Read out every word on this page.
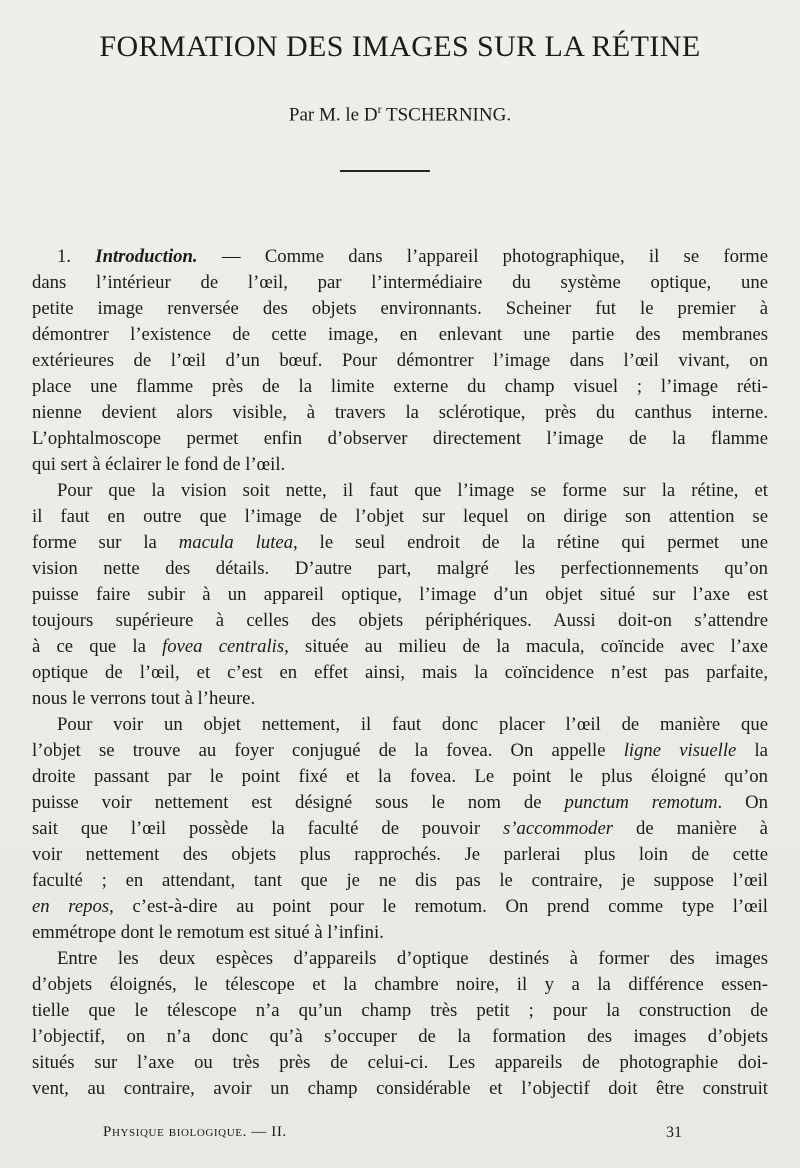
FORMATION DES IMAGES SUR LA RÉTINE
Par M. le $D^r$ TSCHERNING.
1. Introduction. — Comme dans l’appareil photographique, il se forme
dans l’intérieur de l’œil, par l’intermédiaire du système optique, une
petite image renversée des objets environnants. Scheiner fut le premier à
démontrer l’existence de cette image, en enlevant une partie des membranes
extérieures de l’œil d’un bœuf. Pour démontrer l’image dans l’œil vivant, on
place une flamme près de la limite externe du champ visuel ; l’image réti-
nienne devient alors visible, à travers la sclérotique, près du canthus interne.
L’ophtalmoscope permet enfin d’observer directement l’image de la flamme
qui sert à éclairer le fond de l’œil.
Pour que la vision soit nette, il faut que l’image se forme sur la rétine, et
il faut en outre que l’image de l’objet sur lequel on dirige son attention se
forme sur la macula lutea, le seul endroit de la rétine qui permet une
vision nette des détails. D’autre part, malgré les perfectionnements qu’on
puisse faire subir à un appareil optique, l’image d’un objet situé sur l’axe est
toujours supérieure à celles des objets périphériques. Aussi doit-on s’attendre
à ce que la fovea centralis, située au milieu de la macula, coïncide avec l’axe
optique de l’œil, et c’est en effet ainsi, mais la coïncidence n’est pas parfaite,
nous le verrons tout à l’heure.
Pour voir un objet nettement, il faut donc placer l’œil de manière que
l’objet se trouve au foyer conjugué de la fovea. On appelle ligne visuelle la
droite passant par le point fixé et la fovea. Le point le plus éloigné qu’on
puisse voir nettement est désigné sous le nom de punctum remotum. On
sait que l’œil possède la faculté de pouvoir s’accommoder de manière à
voir nettement des objets plus rapprochés. Je parlerai plus loin de cette
faculté ; en attendant, tant que je ne dis pas le contraire, je suppose l’œil
en repos, c’est-à-dire au point pour le remotum. On prend comme type l’œil
emmétrope dont le remotum est situé à l’infini.
Entre les deux espèces d’appareils d’optique destinés à former des images
d’objets éloignés, le télescope et la chambre noire, il y a la différence essen-
tielle que le télescope n’a qu’un champ très petit ; pour la construction de
l’objectif, on n’a donc qu’à s’occuper de la formation des images d’objets
situés sur l’axe ou très près de celui-ci. Les appareils de photographie doi-
vent, au contraire, avoir un champ considérable et l’objectif doit être construit
Physique biologique. — II.	31
